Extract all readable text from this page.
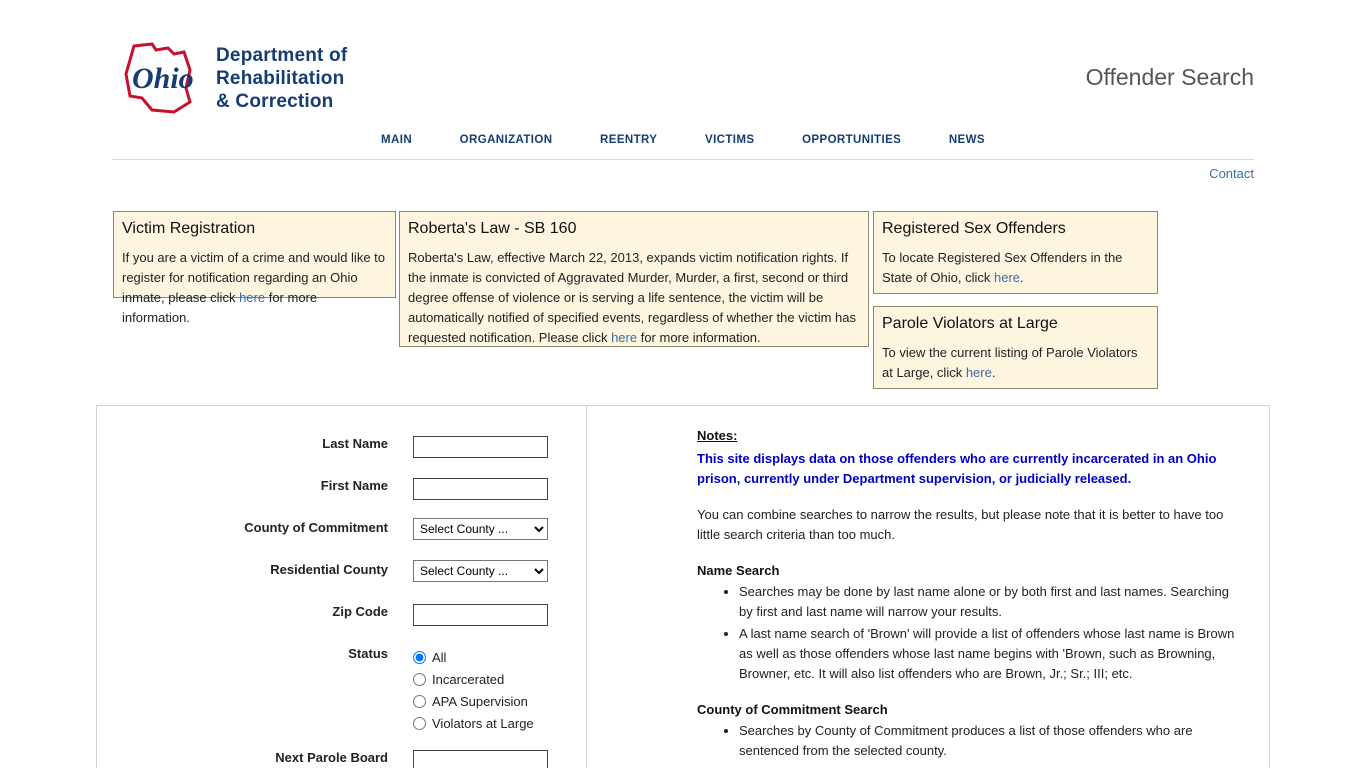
Ohio
Department of
Rehabilitation
& Correction
Offender Search
MAIN	ORGANIZATION	REENTRY	VICTIMS	OPPORTUNITIES	NEWS
Contact
Victim Registration

If you are a victim of a crime and would like to register for notification regarding an Ohio inmate, please click here for more information.

Roberta's Law - SB 160

Roberta's Law, effective March 22, 2013, expands victim notification rights. If the inmate is convicted of Aggravated Murder, Murder, a first, second or third degree offense of violence or is serving a life sentence, the victim will be automatically notified of specified events, regardless of whether the victim has requested notification. Please click here for more information.

Registered Sex Offenders

To locate Registered Sex Offenders in the State of Ohio, click here.

Parole Violators at Large

To view the current listing of Parole Violators at Large, click here.

Last Name
First Name
County of Commitment
Select County ...
Residential County
Select County ...
Zip Code
Status	All
Incarcerated
APA Supervision
Violators at Large
Next Parole Board
Notes:
This site displays data on those offenders who are currently incarcerated in an Ohio prison, currently under Department supervision, or judicially released.

You can combine searches to narrow the results, but please note that it is better to have too little search criteria than too much.

Name Search
• Searches may be done by last name alone or by both first and last names. Searching by first and last name will narrow your results.
• A last name search of 'Brown' will provide a list of offenders whose last name is Brown as well as those offenders whose last name begins with 'Brown, such as Browning, Browner, etc. It will also list offenders who are Brown, Jr.; Sr.; III; etc.
County of Commitment Search
• Searches by County of Commitment produces a list of those offenders who are sentenced from the selected county.
